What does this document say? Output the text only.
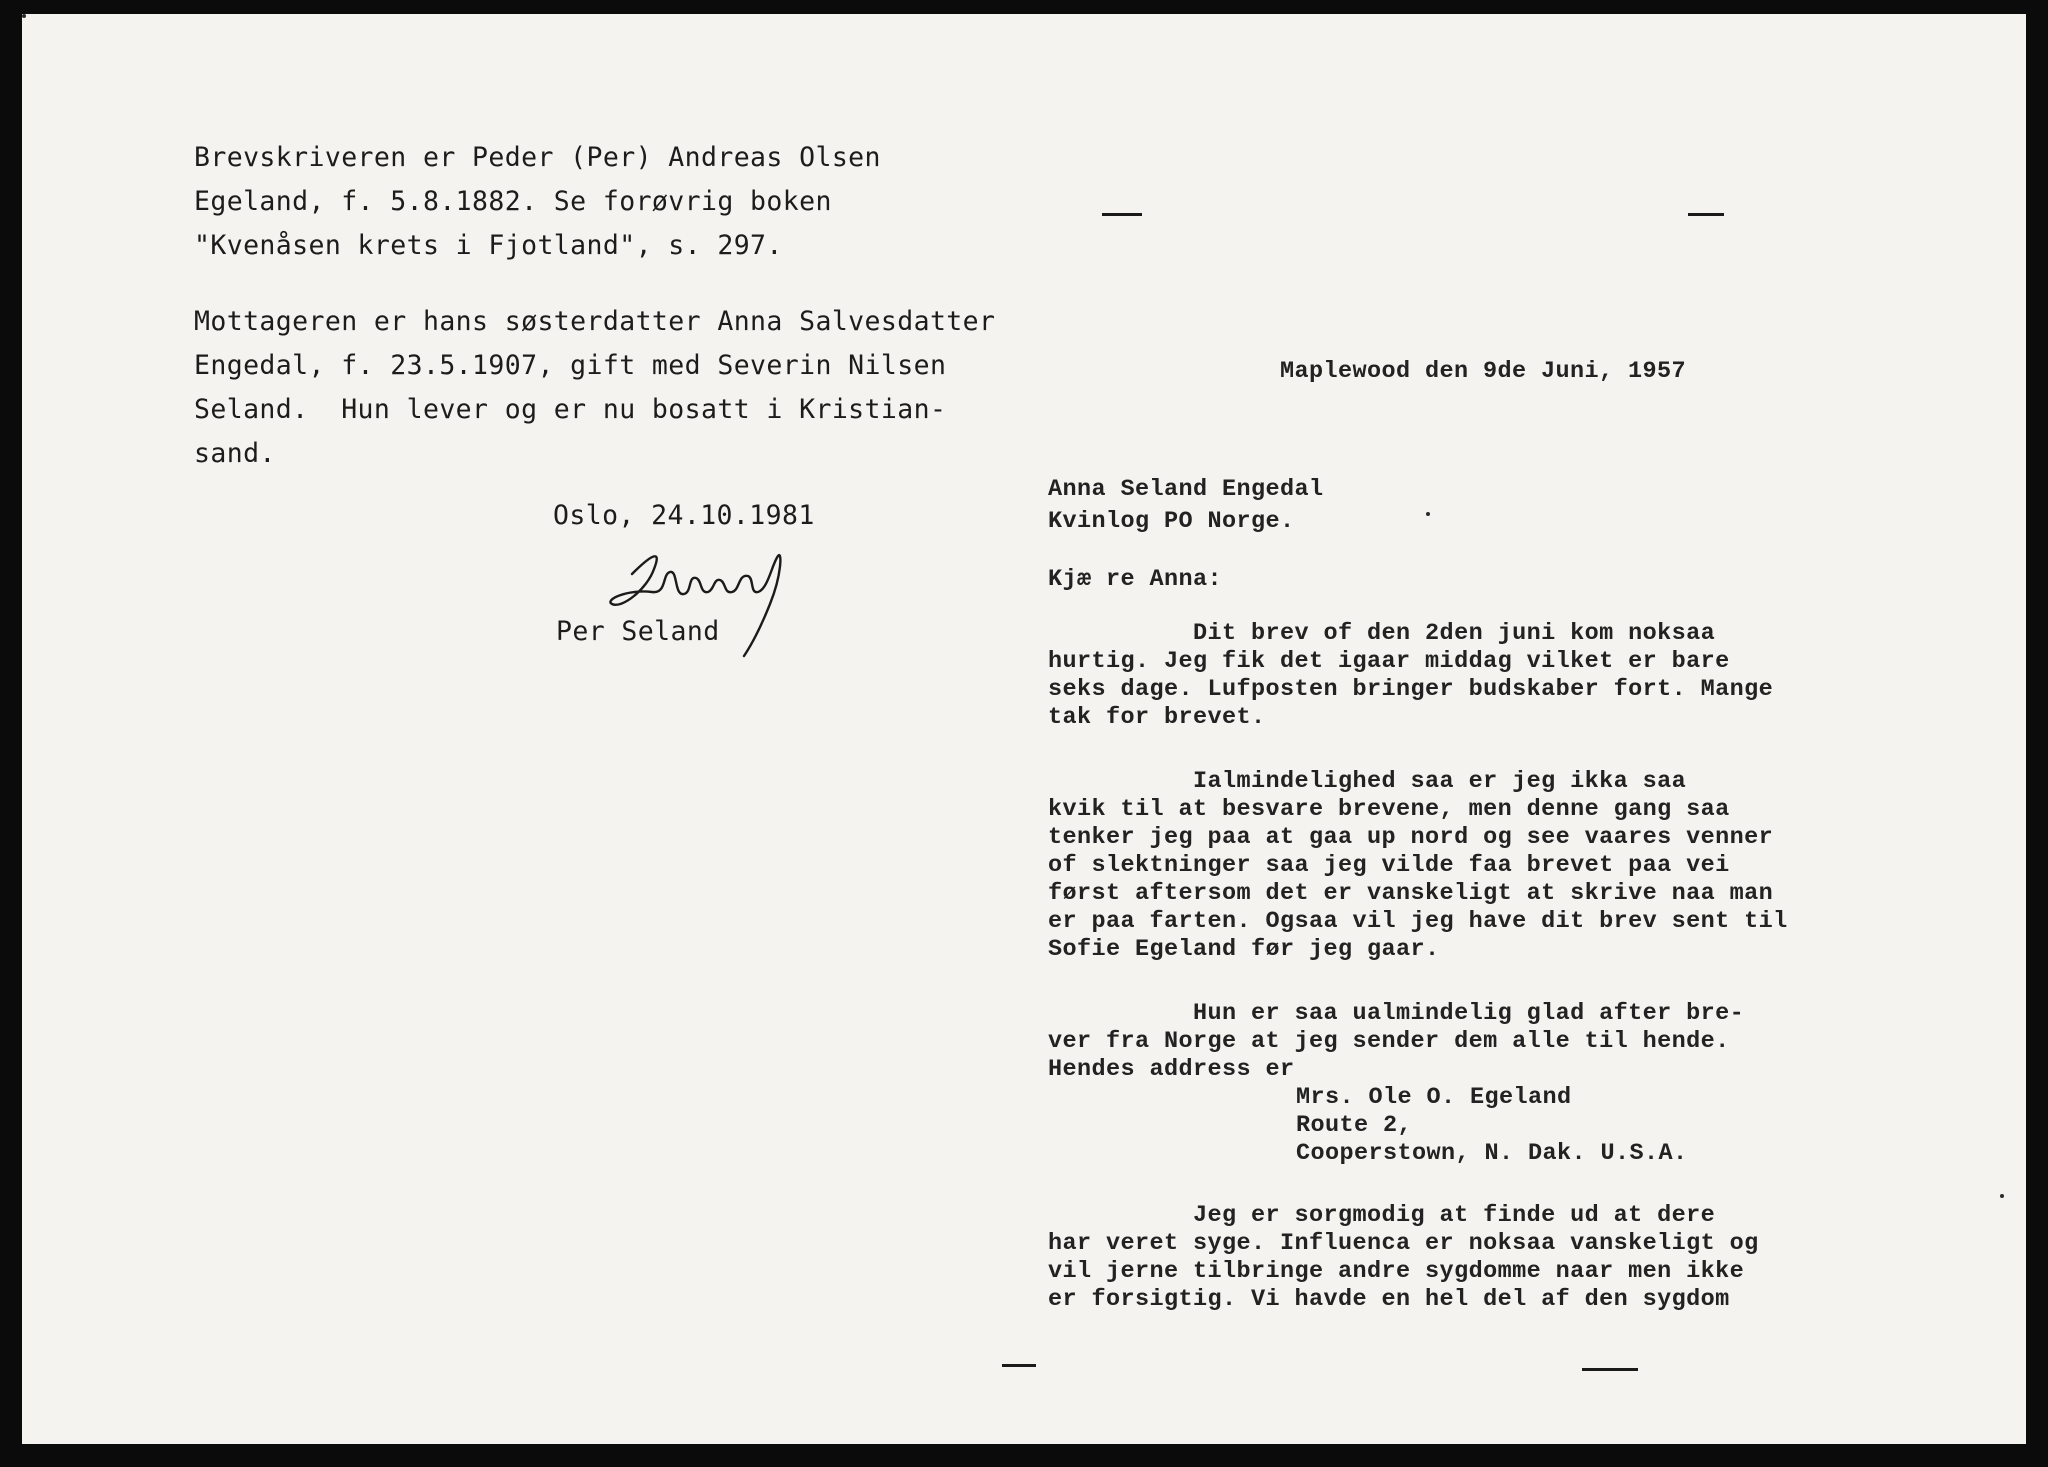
Brevskriveren er Peder (Per) Andreas Olsen
Egeland, f. 5.8.1882. Se forøvrig boken
"Kvenåsen krets i Fjotland", s. 297.
Mottageren er hans søsterdatter Anna Salvesdatter
Engedal, f. 23.5.1907, gift med Severin Nilsen
Seland.  Hun lever og er nu bosatt i Kristian-
sand.
Oslo, 24.10.1981
Per Seland
Maplewood den 9de Juni, 1957
Anna Seland Engedal
Kvinlog PO Norge.
Kjæ re Anna:
Dit brev of den 2den juni kom noksaa
hurtig. Jeg fik det igaar middag vilket er bare
seks dage. Lufposten bringer budskaber fort. Mange
tak for brevet.
Ialmindelighed saa er jeg ikka saa
kvik til at besvare brevene, men denne gang saa
tenker jeg paa at gaa up nord og see vaares venner
of slektninger saa jeg vilde faa brevet paa vei
først aftersom det er vanskeligt at skrive naa man
er paa farten. Ogsaa vil jeg have dit brev sent til
Sofie Egeland før jeg gaar.
Hun er saa ualmindelig glad after bre-
ver fra Norge at jeg sender dem alle til hende.
Hendes address er
Mrs. Ole O. Egeland
Route 2,
Cooperstown, N. Dak. U.S.A.
Jeg er sorgmodig at finde ud at dere
har veret syge. Influenca er noksaa vanskeligt og
vil jerne tilbringe andre sygdomme naar men ikke
er forsigtig. Vi havde en hel del af den sygdom
